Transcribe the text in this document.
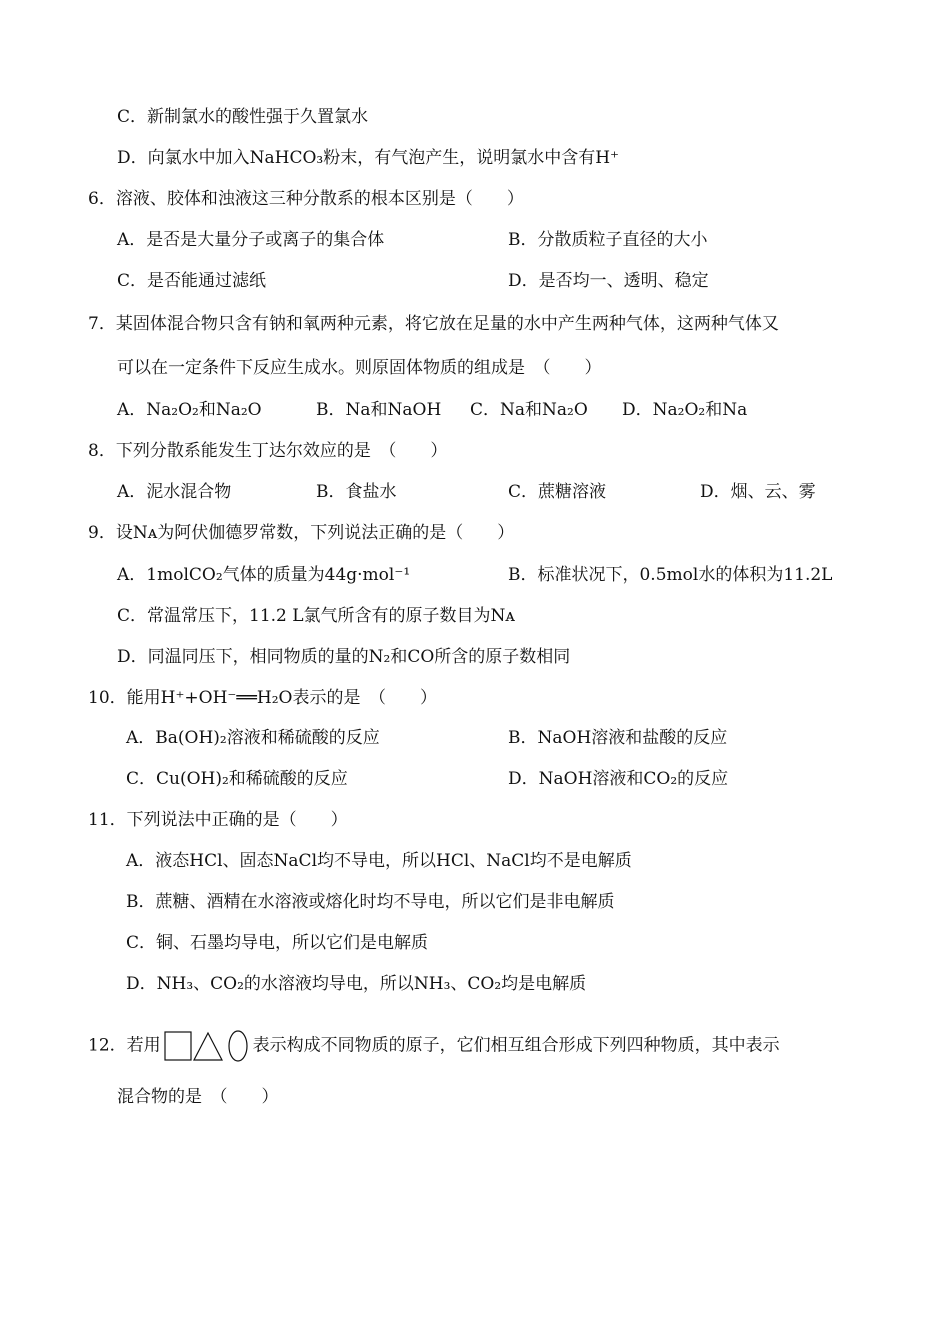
C．新制氯水的酸性强于久置氯水
D．向氯水中加入NaHCO₃粉末，有气泡产生，说明氯水中含有H⁺
6．溶液、胶体和浊液这三种分散系的根本区别是（　　）
A．是否是大量分子或离子的集合体	B．分散质粒子直径的大小
C．是否能通过滤纸	D．是否均一、透明、稳定
7．某固体混合物只含有钠和氧两种元素，将它放在足量的水中产生两种气体，这两种气体又
可以在一定条件下反应生成水。则原固体物质的组成是　（　　）
A．Na₂O₂和Na₂O	B．Na和NaOH C．Na和Na₂O D．Na₂O₂和Na
8．下列分散系能发生丁达尔效应的是　（　　）
A．泥水混合物	B．食盐水	C．蔗糖溶液	D．烟、云、雾
9．设Nᴀ为阿伏伽德罗常数，下列说法正确的是（　　）
A．1molCO₂气体的质量为44g·mol⁻¹	B．标准状况下，0.5mol水的体积为11.2L
C．常温常压下，11.2 L氯气所含有的原子数目为Nᴀ
D．同温同压下，相同物质的量的N₂和CO所含的原子数相同
10．能用H⁺+OH⁻══H₂O表示的是　（　　）
A．Ba(OH)₂溶液和稀硫酸的反应	B．NaOH溶液和盐酸的反应
C．Cu(OH)₂和稀硫酸的反应	D．NaOH溶液和CO₂的反应
11．下列说法中正确的是（　　）
A．液态HCl、固态NaCl均不导电，所以HCl、NaCl均不是电解质
B．蔗糖、酒精在水溶液或熔化时均不导电，所以它们是非电解质
C．铜、石墨均导电，所以它们是电解质
D．NH₃、CO₂的水溶液均导电，所以NH₃、CO₂均是电解质
12．若用	表示构成不同物质的原子，它们相互组合形成下列四种物质，其中表示
混合物的是　（　　）
